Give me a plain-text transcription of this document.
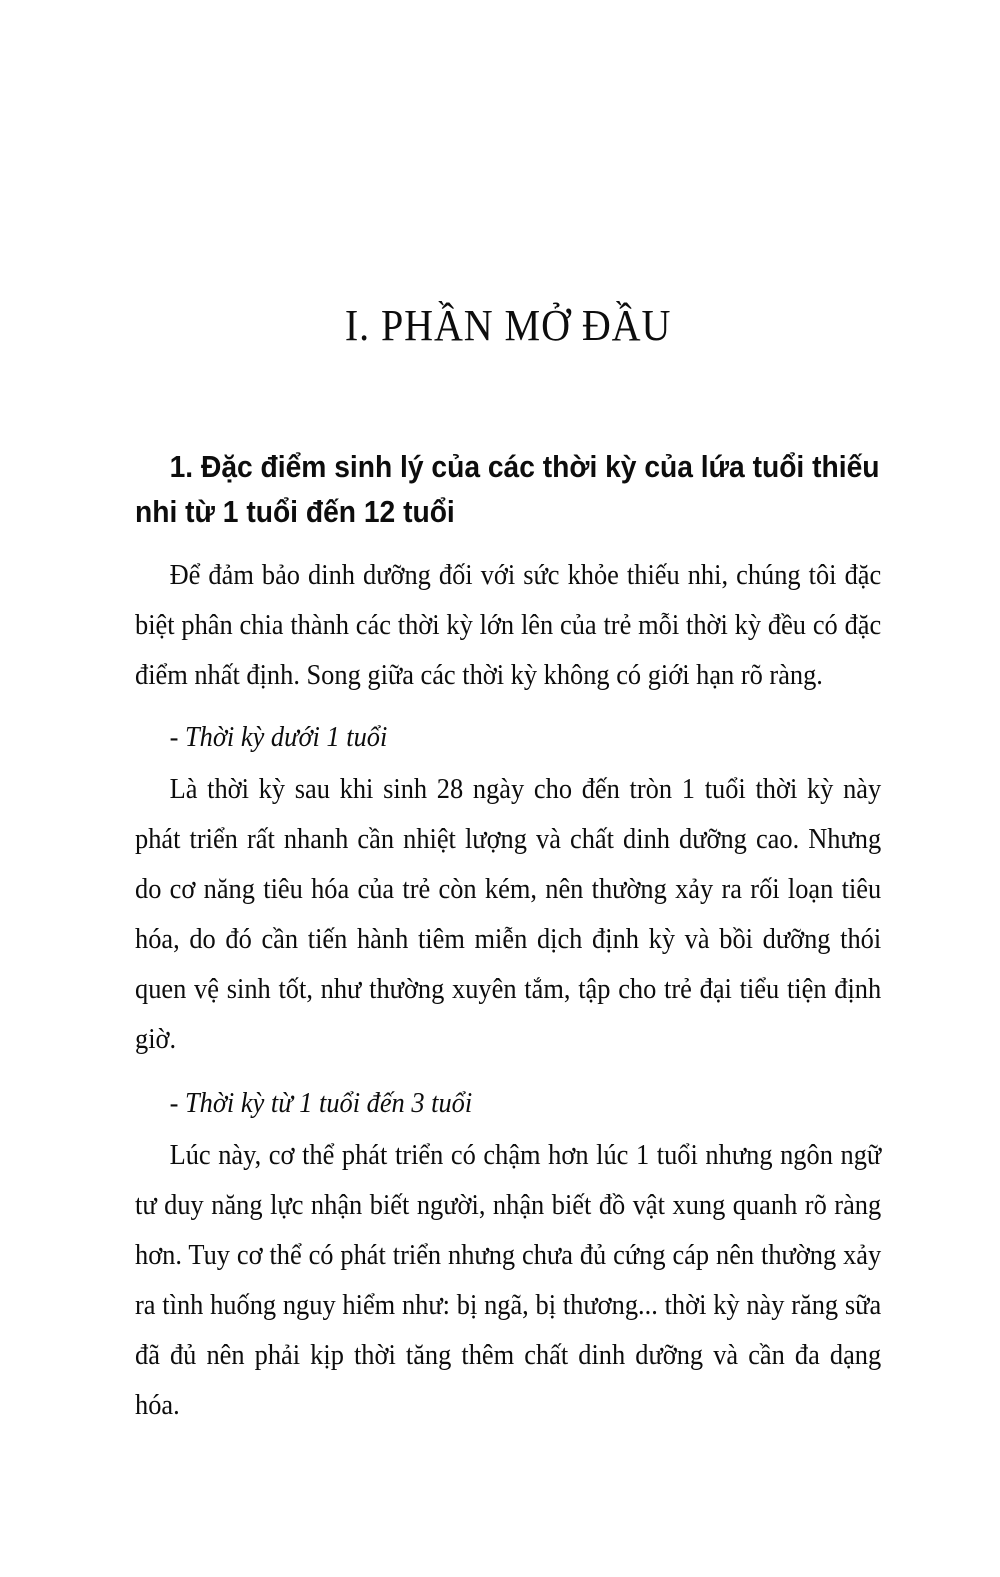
I. PHẦN MỞ ĐẦU
1. Đặc điểm sinh lý của các thời kỳ của lứa tuổi thiếu nhi từ 1 tuổi đến 12 tuổi

Để đảm bảo dinh dưỡng đối với sức khỏe thiếu nhi, chúng tôi đặc biệt phân chia thành các thời kỳ lớn lên của trẻ mỗi thời kỳ đều có đặc điểm nhất định. Song giữa các thời kỳ không có giới hạn rõ ràng.

- Thời kỳ dưới 1 tuổi

Là thời kỳ sau khi sinh 28 ngày cho đến tròn 1 tuổi thời kỳ này phát triển rất nhanh cần nhiệt lượng và chất dinh dưỡng cao. Nhưng do cơ năng tiêu hóa của trẻ còn kém, nên thường xảy ra rối loạn tiêu hóa, do đó cần tiến hành tiêm miễn dịch định kỳ và bồi dưỡng thói quen vệ sinh tốt, như thường xuyên tắm, tập cho trẻ đại tiểu tiện định giờ.

- Thời kỳ từ 1 tuổi đến 3 tuổi

Lúc này, cơ thể phát triển có chậm hơn lúc 1 tuổi nhưng ngôn ngữ tư duy năng lực nhận biết người, nhận biết đồ vật xung quanh rõ ràng hơn. Tuy cơ thể có phát triển nhưng chưa đủ cứng cáp nên thường xảy ra tình huống nguy hiểm như: bị ngã, bị thương... thời kỳ này răng sữa đã đủ nên phải kịp thời tăng thêm chất dinh dưỡng và cần đa dạng hóa.
